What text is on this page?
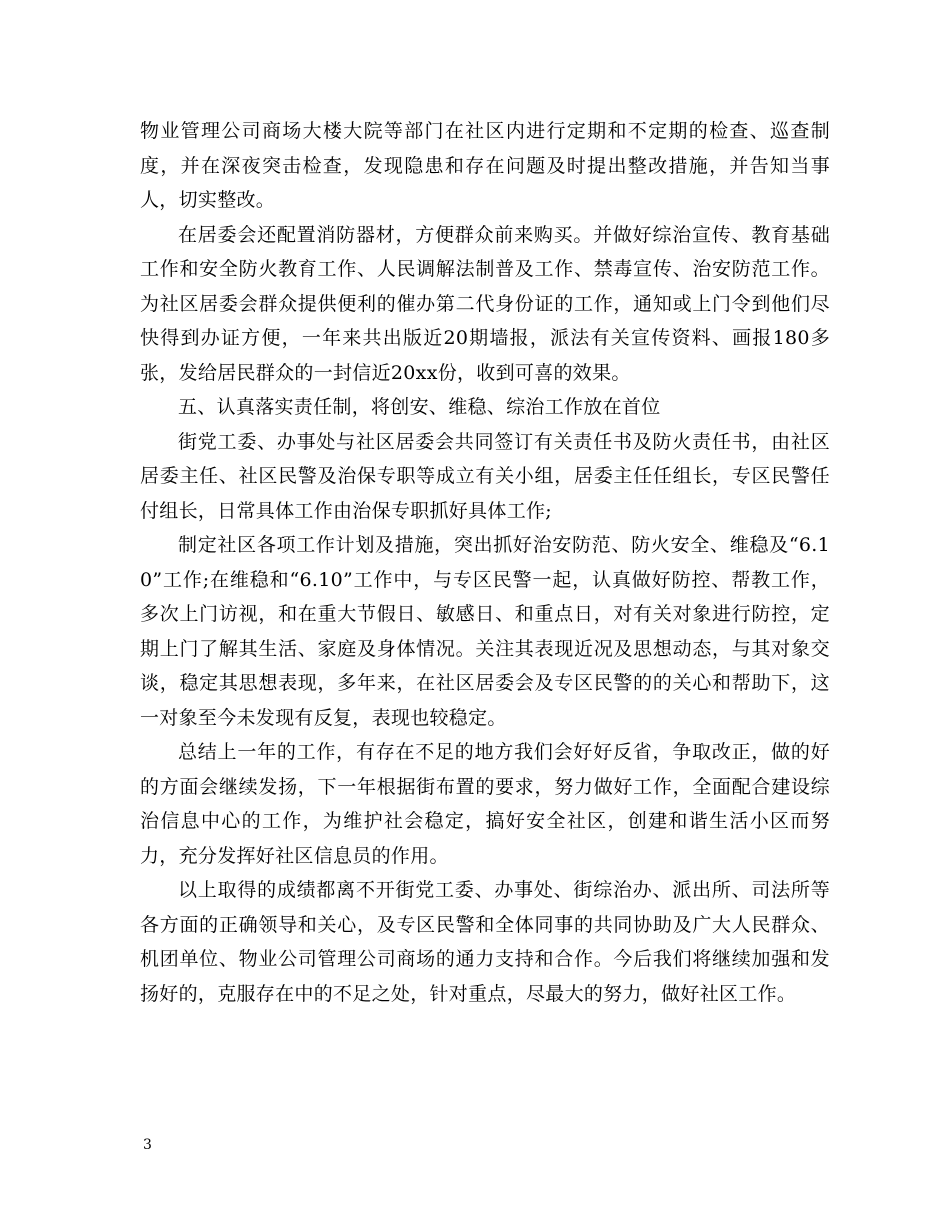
物业管理公司商场大楼大院等部门在社区内进行定期和不定期的检查、巡查制度，并在深夜突击检查，发现隐患和存在问题及时提出整改措施，并告知当事人，切实整改。

在居委会还配置消防器材，方便群众前来购买。并做好综治宣传、教育基础工作和安全防火教育工作、人民调解法制普及工作、禁毒宣传、治安防范工作。为社区居委会群众提供便利的催办第二代身份证的工作，通知或上门令到他们尽快得到办证方便，一年来共出版近20期墙报，派法有关宣传资料、画报180多张，发给居民群众的一封信近20xx份，收到可喜的效果。

五、认真落实责任制，将创安、维稳、综治工作放在首位

街党工委、办事处与社区居委会共同签订有关责任书及防火责任书，由社区居委主任、社区民警及治保专职等成立有关小组，居委主任任组长，专区民警任付组长，日常具体工作由治保专职抓好具体工作;

制定社区各项工作计划及措施，突出抓好治安防范、防火安全、维稳及“6.10”工作;在维稳和“6.10”工作中，与专区民警一起，认真做好防控、帮教工作，多次上门访视，和在重大节假日、敏感日、和重点日，对有关对象进行防控，定期上门了解其生活、家庭及身体情况。关注其表现近况及思想动态，与其对象交谈，稳定其思想表现，多年来，在社区居委会及专区民警的的关心和帮助下，这一对象至今未发现有反复，表现也较稳定。

总结上一年的工作，有存在不足的地方我们会好好反省，争取改正，做的好的方面会继续发扬，下一年根据街布置的要求，努力做好工作，全面配合建设综治信息中心的工作，为维护社会稳定，搞好安全社区，创建和谐生活小区而努力，充分发挥好社区信息员的作用。

以上取得的成绩都离不开街党工委、办事处、街综治办、派出所、司法所等各方面的正确领导和关心，及专区民警和全体同事的共同协助及广大人民群众、机团单位、物业公司管理公司商场的通力支持和合作。今后我们将继续加强和发扬好的，克服存在中的不足之处，针对重点，尽最大的努力，做好社区工作。

3
